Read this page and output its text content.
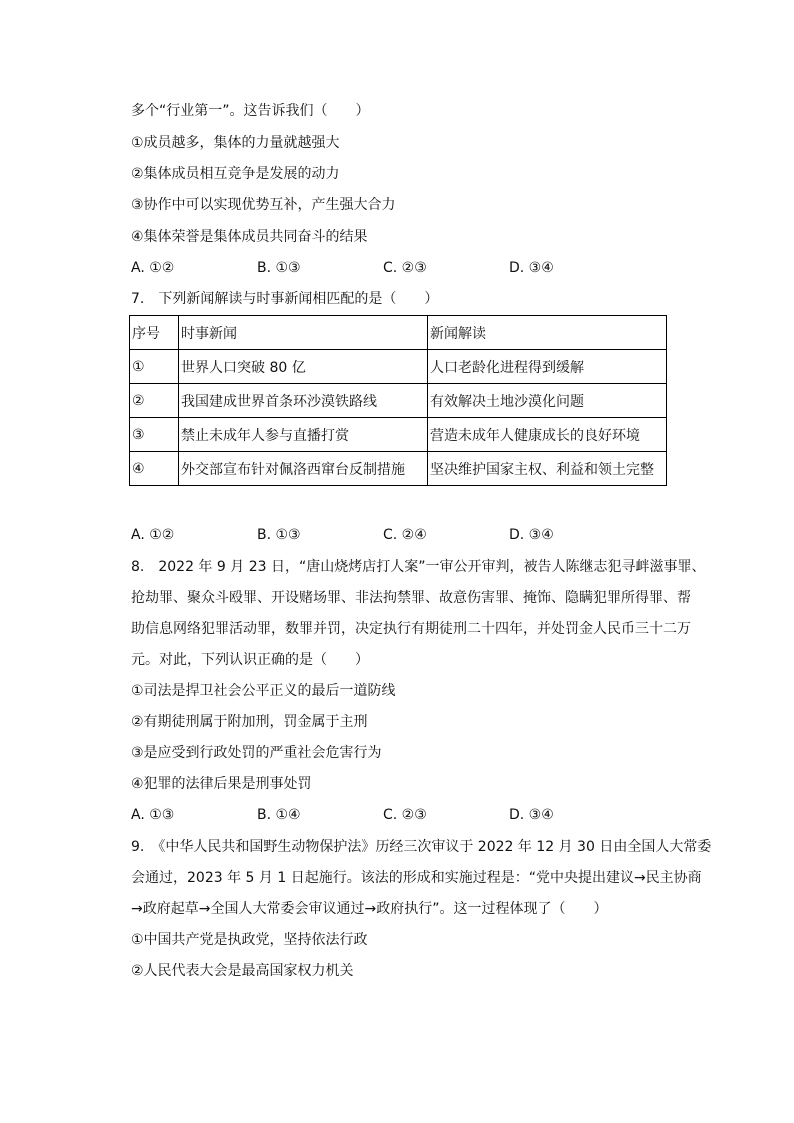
多个“行业第一”。这告诉我们（　　）
①成员越多，集体的力量就越强大
②集体成员相互竞争是发展的动力
③协作中可以实现优势互补，产生强大合力
④集体荣誉是集体成员共同奋斗的结果
A. ①②	B. ①③	C. ②③	D. ③④
7.　下列新闻解读与时事新闻相匹配的是（　　）
序号	时事新闻	新闻解读
①	世界人口突破 80 亿	人口老龄化进程得到缓解
②	我国建成世界首条环沙漠铁路线	有效解决土地沙漠化问题
③	禁止未成年人参与直播打赏	营造未成年人健康成长的良好环境
④	外交部宣布针对佩洛西窜台反制措施	坚决维护国家主权、利益和领土完整
A. ①②	B. ①③	C. ②④	D. ③④
8.　2022 年 9 月 23 日，“唐山烧烤店打人案”一审公开审判，被告人陈继志犯寻衅滋事罪、
抢劫罪、聚众斗殴罪、开设赌场罪、非法拘禁罪、故意伤害罪、掩饰、隐瞒犯罪所得罪、帮
助信息网络犯罪活动罪，数罪并罚，决定执行有期徒刑二十四年，并处罚金人民币三十二万
元。对此，下列认识正确的是（　　）
①司法是捍卫社会公平正义的最后一道防线
②有期徒刑属于附加刑，罚金属于主刑
③是应受到行政处罚的严重社会危害行为
④犯罪的法律后果是刑事处罚
A. ①③	B. ①④	C. ②③	D. ③④
9.　《中华人民共和国野生动物保护法》历经三次审议于 2022 年 12 月 30 日由全国人大常委
会通过，2023 年 5 月 1 日起施行。该法的形成和实施过程是：“党中央提出建议→民主协商
→政府起草→全国人大常委会审议通过→政府执行”。这一过程体现了（　　）
①中国共产党是执政党，坚持依法行政
②人民代表大会是最高国家权力机关
